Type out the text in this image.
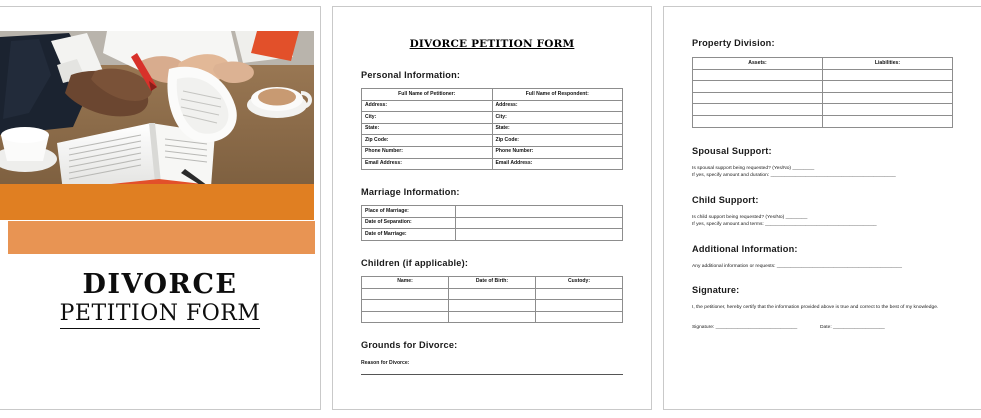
DIVORCE
PETITION FORM
DIVORCE PETITION FORM
Personal Information:
Full Name of Petitioner:	Full Name of Respondent:
Address:	Address:
City:	City:
State:	State:
Zip Code:	Zip Code:
Phone Number:	Phone Number:
Email Address:	Email Address:
Marriage Information:
Place of Marriage:	
Date of Separation:	
Date of Marriage:	
Children (if applicable):
Name:	Date of Birth:	Custody:

Grounds for Divorce:
Reason for Divorce:
Property Division:
Assets:	Liabilities:

Spousal Support:
Is spousal support being requested? (Yes/No) ________
If yes, specify amount and duration: ______________________________________________
Child Support:
Is child support being requested? (Yes/No) ________
If yes, specify amount and terms: _________________________________________
Additional Information:
Any additional information or requests: ______________________________________________
Signature:
I, the petitioner, hereby certify that the information provided above is true and correct to the best of my knowledge.
Signature: ______________________________	Date: ___________________
